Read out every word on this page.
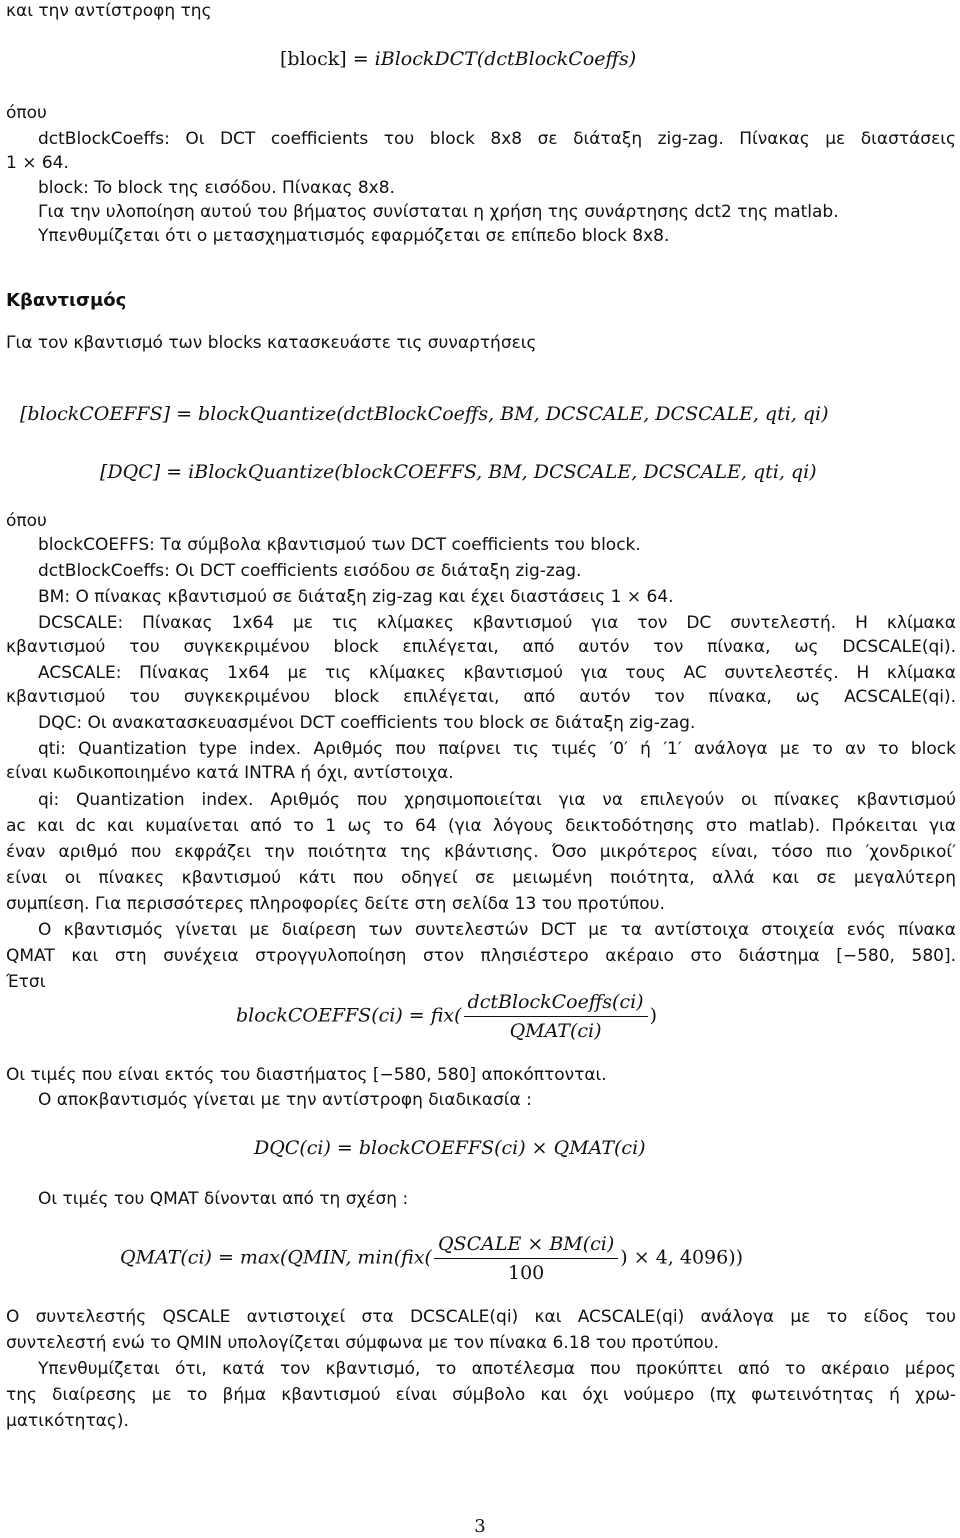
και την αντίστροφη της
[block] = iBlockDCT(dctBlockCoeffs)
όπου
dctBlockCoeffs: Οι DCT coefficients του block 8x8 σε διάταξη zig-zag. Πίνακας με διαστάσεις
1 × 64.
block: To block της εισόδου. Πίνακας 8x8.
Για την υλοποίηση αυτού του βήματος συνίσταται η χρήση της συνάρτησης dct2 της matlab.
Υπενθυμίζεται ότι ο μετασχηματισμός εφαρμόζεται σε επίπεδο block 8x8.
Κβαντισμός
Για τον κβαντισμό των blocks κατασκευάστε τις συναρτήσεις
[blockCOEFFS] = blockQuantize(dctBlockCoeffs, BM, DCSCALE, DCSCALE, qti, qi)
[DQC] = iBlockQuantize(blockCOEFFS, BM, DCSCALE, DCSCALE, qti, qi)
όπου
blockCOEFFS: Τα σύμβολα κβαντισμού των DCT coefficients του block.
dctBlockCoeffs: Οι DCT coefficients εισόδου σε διάταξη zig-zag.
BM: O πίνακας κβαντισμού σε διάταξη zig-zag και έχει διαστάσεις 1 × 64.
DCSCALE: Πίνακας 1x64 με τις κλίμακες κβαντισμού για τον DC συντελεστή. Η κλίμακα
κβαντισμού του συγκεκριμένου block επιλέγεται, από αυτόν τον πίνακα, ως DCSCALE(qi).
ACSCALE: Πίνακας 1x64 με τις κλίμακες κβαντισμού για τους AC συντελεστές. Η κλίμακα
κβαντισμού του συγκεκριμένου block επιλέγεται, από αυτόν τον πίνακα, ως ACSCALE(qi).
DQC: Οι ανακατασκευασμένοι DCT coefficients του block σε διάταξη zig-zag.
qti: Quantization type index. Αριθμός που παίρνει τις τιμές ′0′ ή ′1′ ανάλογα με το αν το block
είναι κωδικοποιημένο κατά INTRA ή όχι, αντίστοιχα.
qi: Quantization index. Αριθμός που χρησιμοποιείται για να επιλεγούν οι πίνακες κβαντισμού
ac και dc και κυμαίνεται από το 1 ως το 64 (για λόγους δεικτοδότησης στο matlab). Πρόκειται για
έναν αριθμό που εκφράζει την ποιότητα της κβάντισης. Όσο μικρότερος είναι, τόσο πιο ′χονδρικοί′
είναι οι πίνακες κβαντισμού κάτι που οδηγεί σε μειωμένη ποιότητα, αλλά και σε μεγαλύτερη
συμπίεση. Για περισσότερες πληροφορίες δείτε στη σελίδα 13 του προτύπου.
Ο κβαντισμός γίνεται με διαίρεση των συντελεστών DCT με τα αντίστοιχα στοιχεία ενός πίνακα
QMAT και στη συνέχεια στρογγυλοποίηση στον πλησιέστερο ακέραιο στο διάστημα [−580, 580].
Έτσι
blockCOEFFS(ci) = $fix( \frac{\text{dctBlockCoeffs(ci)}}{\text{QMAT(ci)}}$ )
Οι τιμές που είναι εκτός του διαστήματος [−580, 580] αποκόπτονται.
Ο αποκβαντισμός γίνεται με την αντίστροφη διαδικασία :
DQC(ci) = blockCOEFFS(ci) × QMAT(ci)
Οι τιμές του QMAT δίνονται από τη σχέση :
QMAT(ci) = max(QMIN, $\min(fix( \frac{\text{QSCALE × BM(ci)}}{100}$ ) × 4, 4096))
Ο συντελεστής QSCALE αντιστοιχεί στα DCSCALE(qi) και ACSCALE(qi) ανάλογα με το είδος του
συντελεστή ενώ το QMIN υπολογίζεται σύμφωνα με τον πίνακα 6.18 του προτύπου.
Υπενθυμίζεται ότι, κατά τον κβαντισμό, το αποτέλεσμα που προκύπτει από το ακέραιο μέρος
της διαίρεσης με το βήμα κβαντισμού είναι σύμβολο και όχι νούμερο (πχ φωτεινότητας ή χρω-
ματικότητας).
3
